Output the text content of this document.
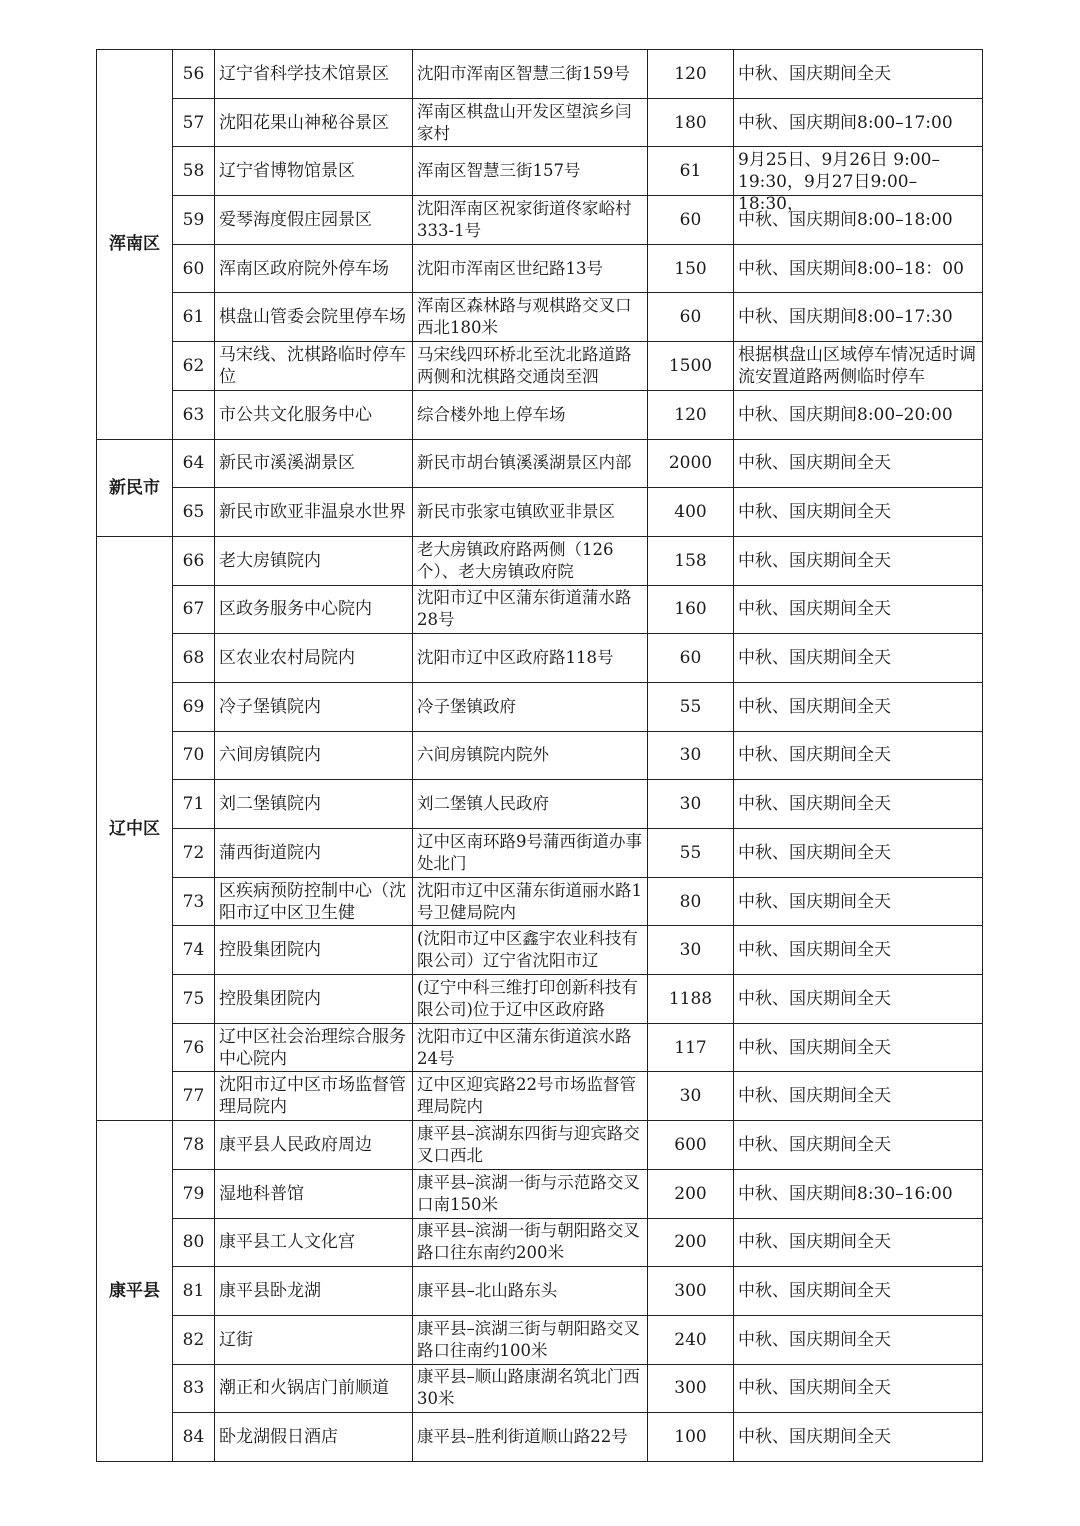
浑南区	56	辽宁省科学技术馆景区	沈阳市浑南区智慧三街159号	120	中秋、国庆期间全天

	57	沈阳花果山神秘谷景区	浑南区棋盘山开发区望滨乡闫家村	180	中秋、国庆期间8:00–17:00

	58	辽宁省博物馆景区	浑南区智慧三街157号	61	9月25日、9月26日 9:00–19:30，9月27日9:00–18:30，

	59	爱琴海度假庄园景区	沈阳浑南区祝家街道佟家峪村333-1号	60	中秋、国庆期间8:00–18:00

	60	浑南区政府院外停车场	沈阳市浑南区世纪路13号	150	中秋、国庆期间8:00–18：00

	61	棋盘山管委会院里停车场	浑南区森林路与观棋路交叉口西北180米	60	中秋、国庆期间8:00–17:30

	62	马宋线、沈棋路临时停车位	马宋线四环桥北至沈北路道路两侧和沈棋路交通岗至泗	1500	根据棋盘山区域停车情况适时调流安置道路两侧临时停车

	63	市公共文化服务中心	综合楼外地上停车场	120	中秋、国庆期间8:00–20:00

新民市	64	新民市溪溪湖景区	新民市胡台镇溪溪湖景区内部	2000	中秋、国庆期间全天

	65	新民市欧亚非温泉水世界	新民市张家屯镇欧亚非景区	400	中秋、国庆期间全天

辽中区	66	老大房镇院内	老大房镇政府路两侧（126个）、老大房镇政府院	158	中秋、国庆期间全天

	67	区政务服务中心院内	沈阳市辽中区蒲东街道蒲水路28号	160	中秋、国庆期间全天

	68	区农业农村局院内	沈阳市辽中区政府路118号	60	中秋、国庆期间全天

	69	冷子堡镇院内	冷子堡镇政府	55	中秋、国庆期间全天

	70	六间房镇院内	六间房镇院内院外	30	中秋、国庆期间全天

	71	刘二堡镇院内	刘二堡镇人民政府	30	中秋、国庆期间全天

	72	蒲西街道院内	辽中区南环路9号蒲西街道办事处北门	55	中秋、国庆期间全天

	73	区疾病预防控制中心（沈阳市辽中区卫生健	沈阳市辽中区蒲东街道丽水路1号卫健局院内	80	中秋、国庆期间全天

	74	控股集团院内	(沈阳市辽中区鑫宇农业科技有限公司）辽宁省沈阳市辽	30	中秋、国庆期间全天

	75	控股集团院内	(辽宁中科三维打印创新科技有限公司)位于辽中区政府路	1188	中秋、国庆期间全天

	76	辽中区社会治理综合服务中心院内	沈阳市辽中区蒲东街道滨水路24号	117	中秋、国庆期间全天

	77	沈阳市辽中区市场监督管理局院内	辽中区迎宾路22号市场监督管理局院内	30	中秋、国庆期间全天

康平县	78	康平县人民政府周边	康平县–滨湖东四街与迎宾路交叉口西北	600	中秋、国庆期间全天

	79	湿地科普馆	康平县–滨湖一街与示范路交叉口南150米	200	中秋、国庆期间8:30–16:00

	80	康平县工人文化宫	康平县–滨湖一街与朝阳路交叉路口往东南约200米	200	中秋、国庆期间全天

	81	康平县卧龙湖	康平县–北山路东头	300	中秋、国庆期间全天

	82	辽街	康平县–滨湖三街与朝阳路交叉路口往南约100米	240	中秋、国庆期间全天

	83	潮正和火锅店门前顺道	康平县–顺山路康湖名筑北门西30米	300	中秋、国庆期间全天

	84	卧龙湖假日酒店	康平县–胜利街道顺山路22号	100	中秋、国庆期间全天
